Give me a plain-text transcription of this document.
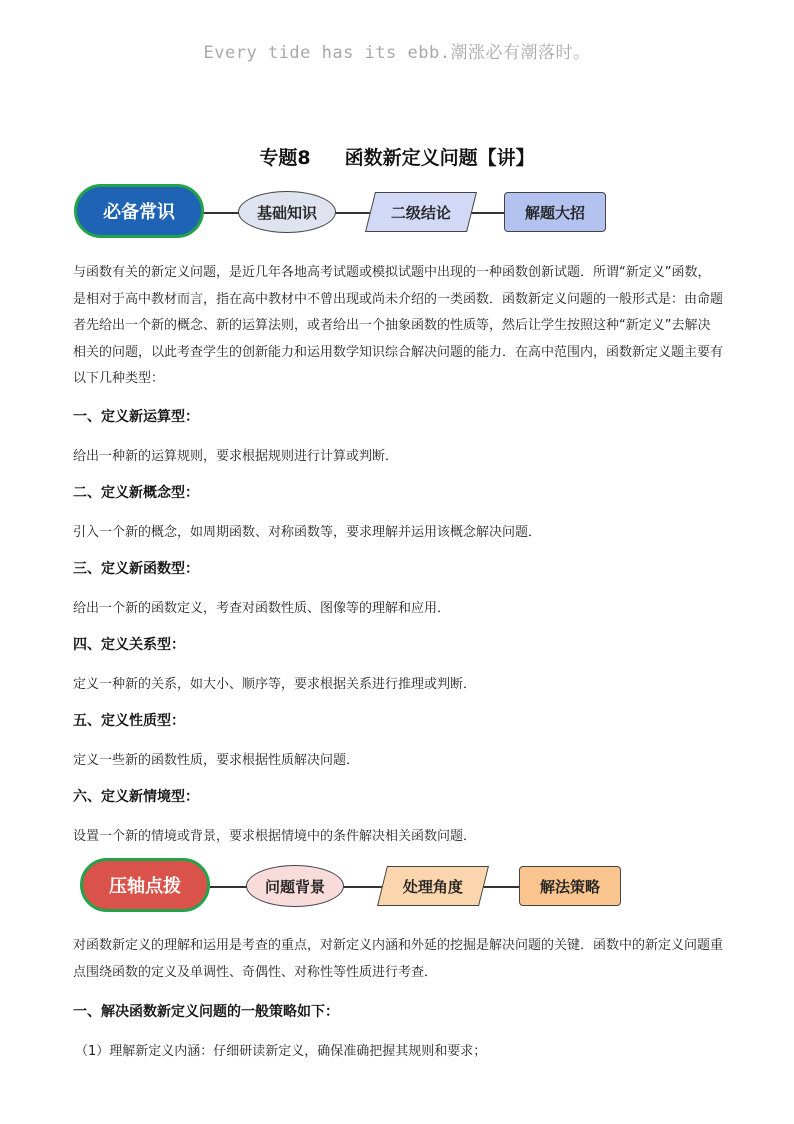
Every tide has its ebb.潮涨必有潮落时。
专题8 函数新定义问题【讲】
必备常识	基础知识	二级结论	解题大招
与函数有关的新定义问题，是近几年各地高考试题或模拟试题中出现的一种函数创新试题．所谓“新定义”函数，是相对于高中教材而言，指在高中教材中不曾出现或尚未介绍的一类函数．函数新定义问题的一般形式是：由命题者先给出一个新的概念、新的运算法则，或者给出一个抽象函数的性质等，然后让学生按照这种“新定义”去解决相关的问题，以此考查学生的创新能力和运用数学知识综合解决问题的能力．在高中范围内，函数新定义题主要有以下几种类型：
一、定义新运算型：
给出一种新的运算规则，要求根据规则进行计算或判断．
二、定义新概念型：
引入一个新的概念，如周期函数、对称函数等，要求理解并运用该概念解决问题．
三、定义新函数型：
给出一个新的函数定义，考查对函数性质、图像等的理解和应用．
四、定义关系型：
定义一种新的关系，如大小、顺序等，要求根据关系进行推理或判断．
五、定义性质型：
定义一些新的函数性质，要求根据性质解决问题．
六、定义新情境型：
设置一个新的情境或背景，要求根据情境中的条件解决相关函数问题．
压轴点拨	问题背景	处理角度	解法策略
对函数新定义的理解和运用是考查的重点，对新定义内涵和外延的挖掘是解决问题的关键．函数中的新定义问题重点围绕函数的定义及单调性、奇偶性、对称性等性质进行考查．
一、解决函数新定义问题的一般策略如下：
（1）理解新定义内涵：仔细研读新定义，确保准确把握其规则和要求；
